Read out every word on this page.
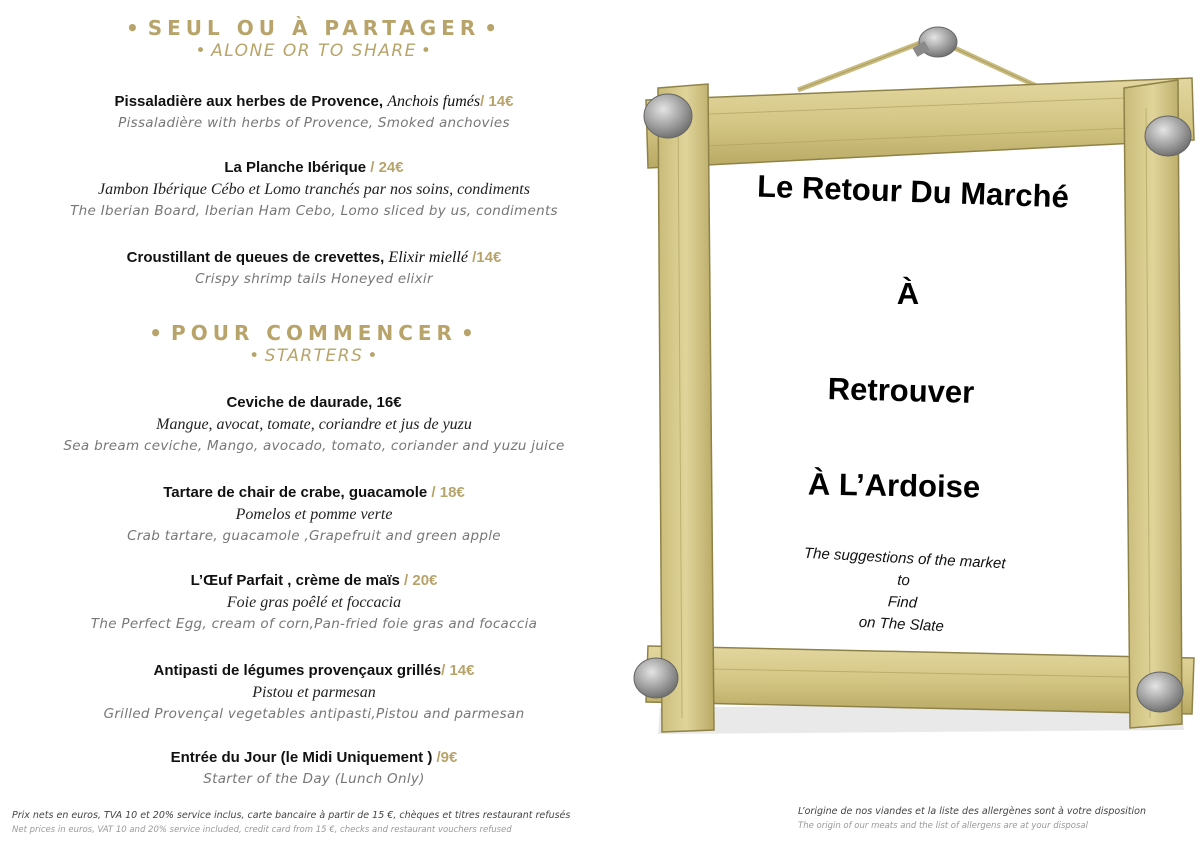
• SEUL OU À PARTAGER •
• ALONE OR TO SHARE •
Pissaladière aux herbes de Provence, Anchois fumés/ 14€
Pissaladière with herbs of Provence, Smoked anchovies
La Planche Ibérique / 24€
Jambon Ibérique Cébo et Lomo tranchés par nos soins, condiments
The Iberian Board, Iberian Ham Cebo, Lomo sliced by us, condiments
Croustillant de queues de crevettes, Elixir miellé /14€
Crispy shrimp tails Honeyed elixir
• POUR COMMENCER •
• STARTERS •
Ceviche de daurade, 16€
Mangue, avocat, tomate, coriandre et jus de yuzu
Sea bream ceviche, Mango, avocado, tomato, coriander and yuzu juice
Tartare de chair de crabe, guacamole / 18€
Pomelos et pomme verte
Crab tartare, guacamole ,Grapefruit and green apple
L’Œuf Parfait , crème de maïs / 20€
Foie gras poêlé et foccacia
The Perfect Egg, cream of corn,Pan-fried foie gras and focaccia
Antipasti de légumes provençaux grillés/ 14€
Pistou et parmesan
Grilled Provençal vegetables antipasti,Pistou and parmesan
Entrée du Jour (le Midi Uniquement ) /9€
Starter of the Day (Lunch Only)
Prix nets en euros, TVA 10 et 20% service inclus, carte bancaire à partir de 15 €, chèques et titres restaurant refusés
Net prices in euros, VAT 10 and 20% service included, credit card from 15 €, checks and restaurant vouchers refused
Le Retour Du Marché
À
Retrouver
À L’Ardoise
The suggestions of the market
to
Find
on The Slate
L’origine de nos viandes et la liste des allergènes sont à votre disposition
The origin of our meats and the list of allergens are at your disposal
